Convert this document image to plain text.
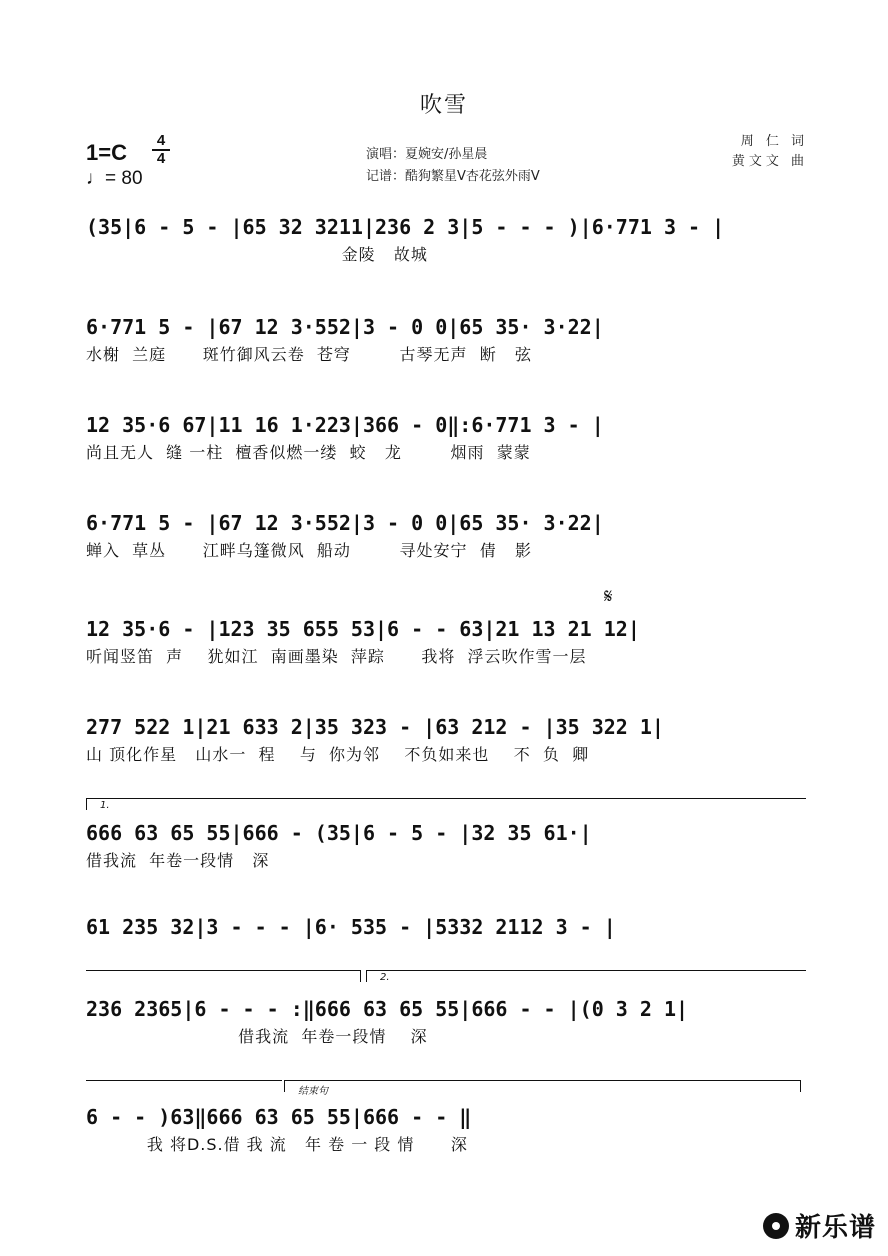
吹雪
1=C	4
4
♩= 80
演唱：夏婉安/孙星晨
记谱：酷狗繁星V杏花弦外雨V
周 仁 词
黄文文 曲
(35|6 - 5 - |65 32 3211|236 2 3|5 - - - )|6·771 3 - |
金陵   故城
6·771 5 - |67 12 3·552|3 - 0 0|65 35· 3·22|
水榭  兰庭      斑竹御风云卷  苍穹        古琴无声  断   弦
12 35·6 67|11 16 1·223|366 - 0‖:6·771 3 - |
尚且无人  缝 一柱  檀香似燃一缕  蛟   龙        烟雨  蒙蒙
6·771 5 - |67 12 3·552|3 - 0 0|65 35· 3·22|
蝉入  草丛      江畔乌篷微风  船动        寻处安宁  倩   影
𝄋
12 35·6 - |123 35 655 53|6 - - 63|21 13 21 12|
听闻竖笛  声    犹如江  南画墨染  萍踪      我将  浮云吹作雪一层
277 522 1|21 633 2|35 323 - |63 212 - |35 322 1|
山 顶化作星   山水一  程    与  你为邻    不负如来也    不  负  卿
1.
666 63 65 55|666 - (35|6 - 5 - |32 35 61·|
借我流  年卷一段情   深
61 235 32|3 - - - |6· 535 - |5332 2112 3 - |
2.
236 2365|6 - - - :‖666 63 65 55|666 - - |(0 3 2 1|
借我流  年卷一段情    深
结束句
6 - - )63‖666 63 65 55|666 - - ‖
我 将D.S.借 我 流   年 卷 一 段 情      深
新乐谱
